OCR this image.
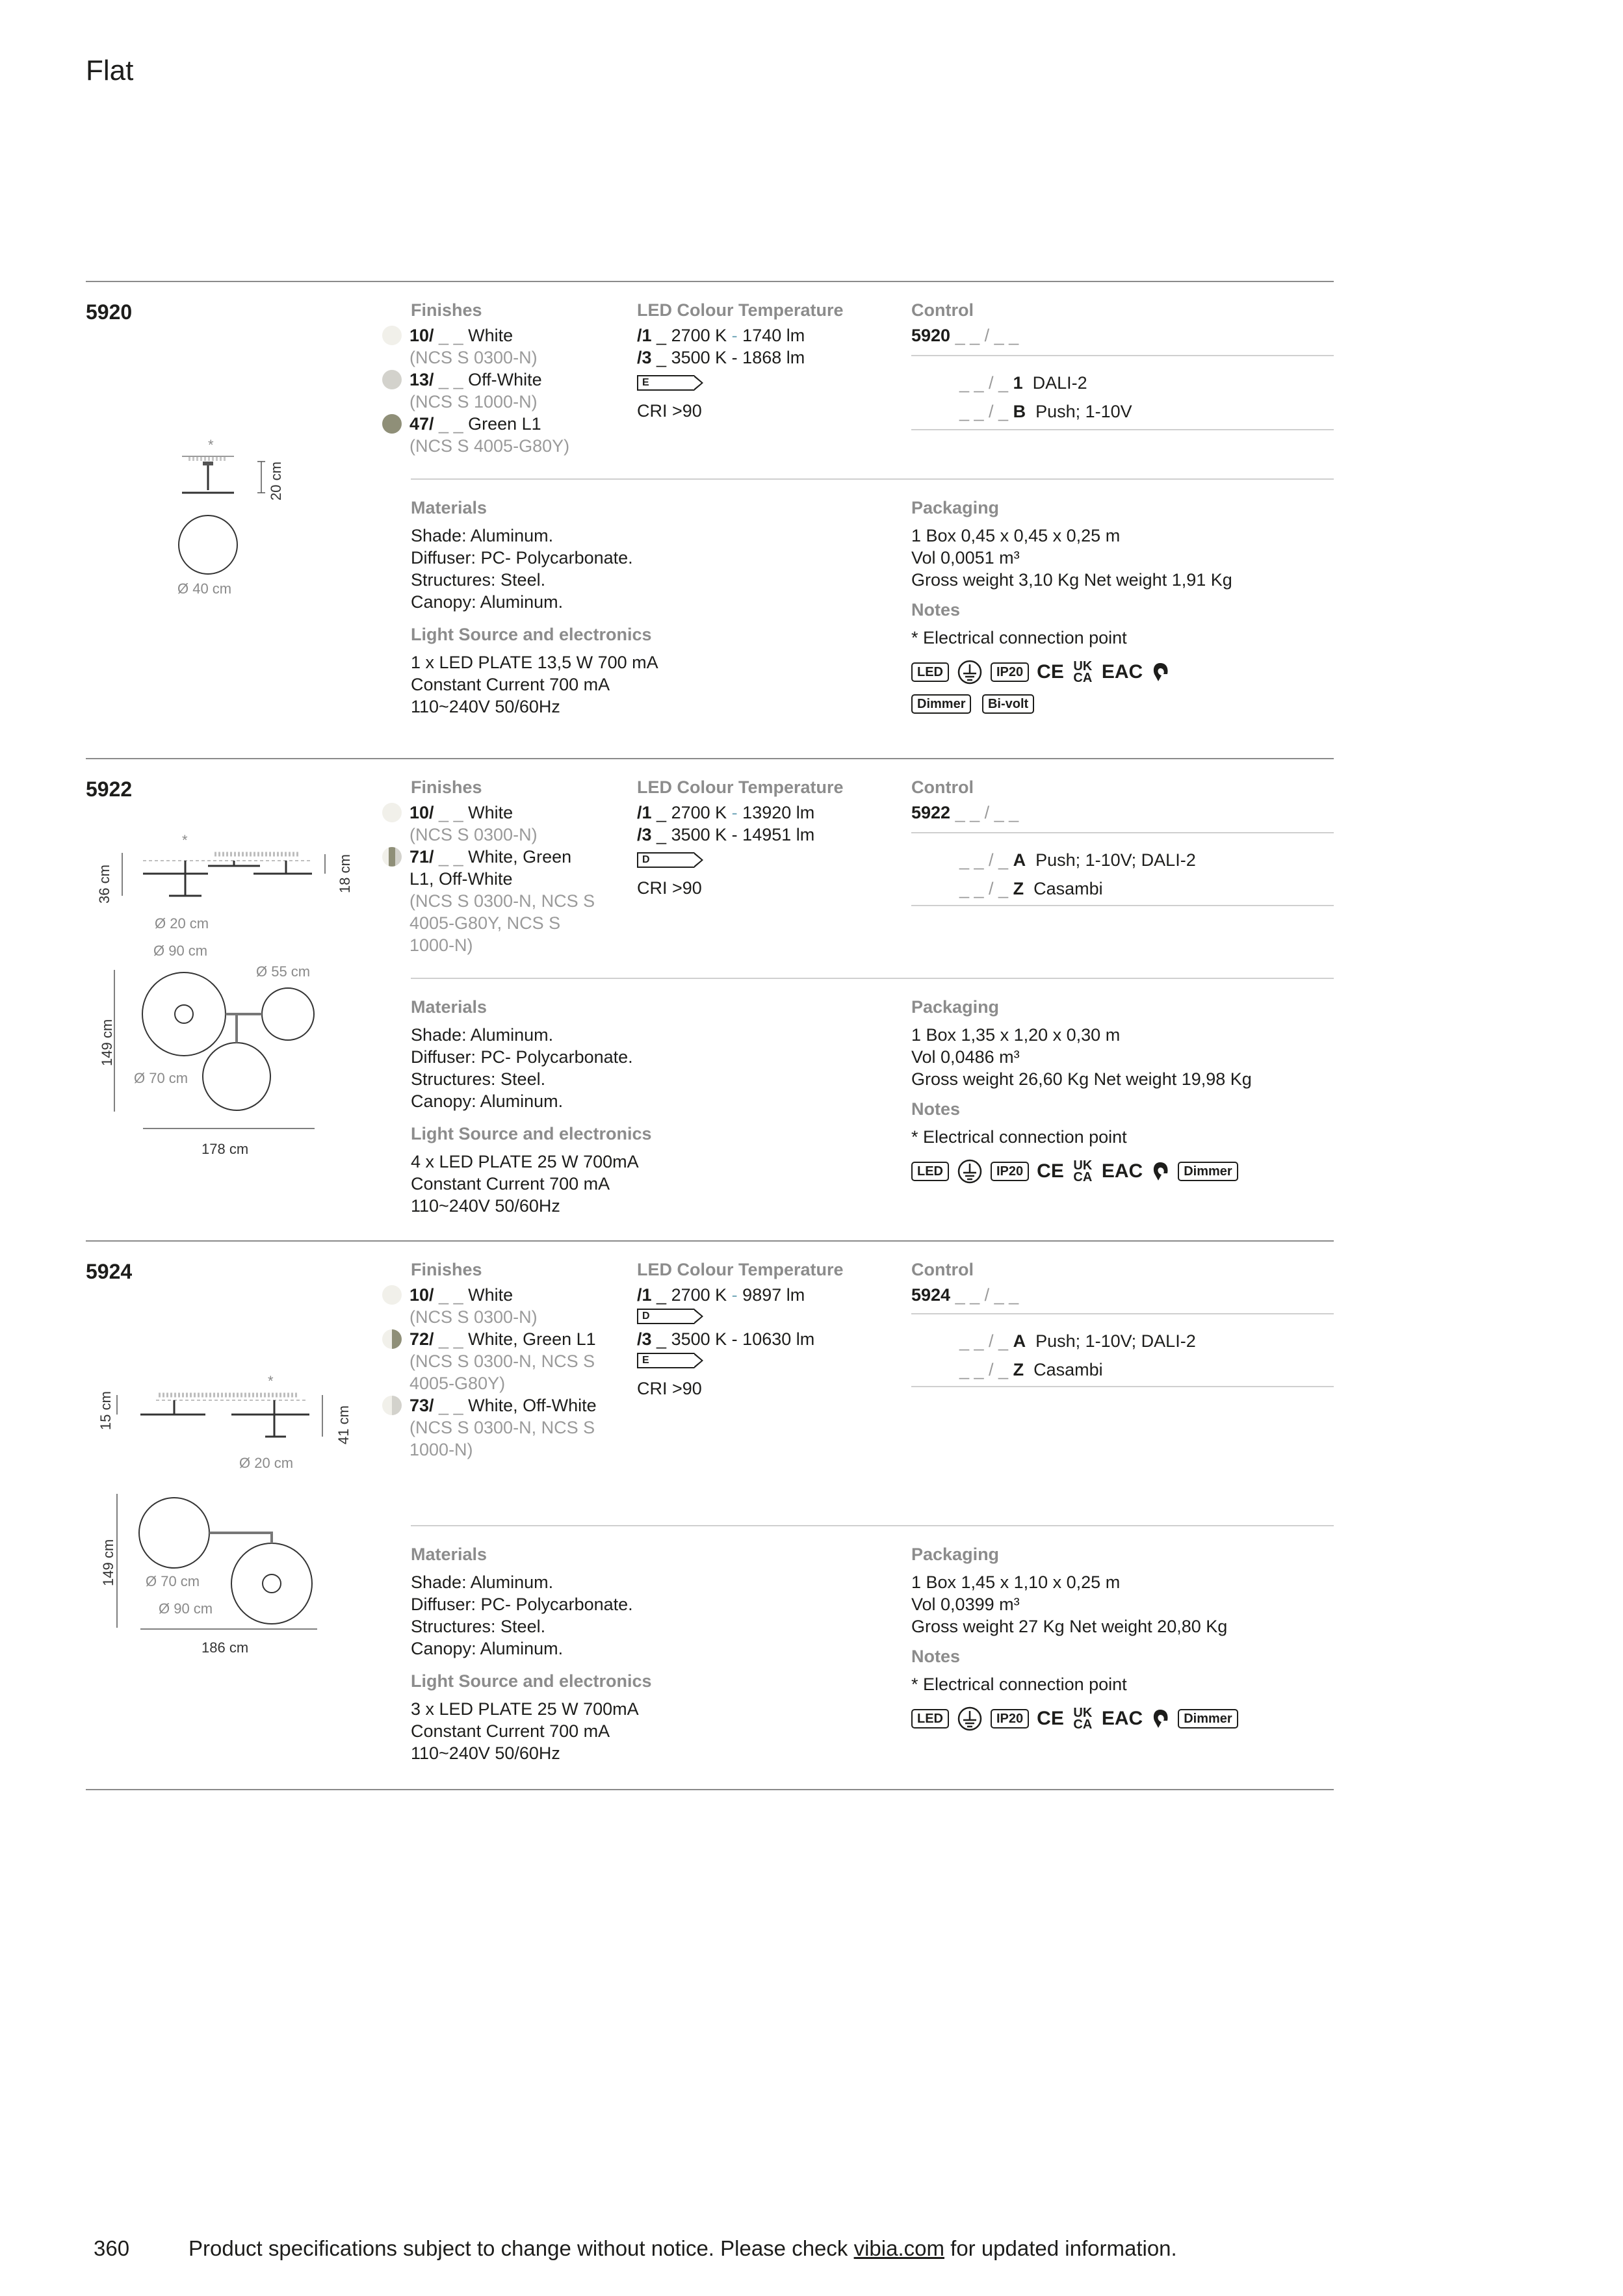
Flat
5920
*
20 cm
Ø 40 cm
Finishes
10/ _ _ White
(NCS S 0300-N)
13/ _ _ Off-White
(NCS S 1000-N)
47/ _ _ Green L1
(NCS S 4005-G80Y)
LED Colour Temperature
/1 _ 2700 K - 1740 lm
/3 _ 3500 K - 1868 lm
E
CRI >90
Control
5920 _ _ / _ _
_ _ / _ 1 DALI-2
_ _ / _ B Push; 1-10V
Materials
Shade: Aluminum.
Diffuser: PC- Polycarbonate.
Structures: Steel.
Canopy: Aluminum.
Light Source and electronics
1 x LED PLATE 13,5 W 700 mA
Constant Current 700 mA
110~240V 50/60Hz
Packaging
1 Box 0,45 x 0,45 x 0,25 m
Vol 0,0051 m³
Gross weight 3,10 Kg Net weight 1,91 Kg
Notes
* Electrical connection point
LED	IP20 CE UK CA EAC
Dimmer Bi-volt
5922
*
36 cm	18 cm
Ø 20 cm
Ø 90 cm
Ø 55 cm
Ø 70 cm
149 cm
178 cm
Finishes
10/ _ _ White
(NCS S 0300-N)
71/ _ _ White, Green L1, Off-White
(NCS S 0300-N, NCS S 4005-G80Y, NCS S 1000-N)
LED Colour Temperature
/1 _ 2700 K - 13920 lm
/3 _ 3500 K - 14951 lm
D
CRI >90
Control
5922 _ _ / _ _
_ _ / _ A Push; 1-10V; DALI-2
_ _ / _ Z Casambi
Materials
Shade: Aluminum.
Diffuser: PC- Polycarbonate.
Structures: Steel.
Canopy: Aluminum.
Light Source and electronics
4 x LED PLATE 25 W 700mA
Constant Current 700 mA
110~240V 50/60Hz
Packaging
1 Box 1,35 x 1,20 x 0,30 m
Vol 0,0486 m³
Gross weight 26,60 Kg Net weight 19,98 Kg
Notes
* Electrical connection point
LED	IP20 CE UK CA EAC	Dimmer
5924
*
15 cm	41 cm
Ø 20 cm
Ø 70 cm
Ø 90 cm
149 cm
186 cm
Finishes
10/ _ _ White
(NCS S 0300-N)
72/ _ _ White, Green L1
(NCS S 0300-N, NCS S 4005-G80Y)
73/ _ _ White, Off-White
(NCS S 0300-N, NCS S 1000-N)
LED Colour Temperature
/1 _ 2700 K - 9897 lm
D
/3 _ 3500 K - 10630 lm
E
CRI >90
Control
5924 _ _ / _ _
_ _ / _ A Push; 1-10V; DALI-2
_ _ / _ Z Casambi
Materials
Shade: Aluminum.
Diffuser: PC- Polycarbonate.
Structures: Steel.
Canopy: Aluminum.
Light Source and electronics
3 x LED PLATE 25 W 700mA
Constant Current 700 mA
110~240V 50/60Hz
Packaging
1 Box 1,45 x 1,10 x 0,25 m
Vol 0,0399 m³
Gross weight 27 Kg Net weight 20,80 Kg
Notes
* Electrical connection point
LED	IP20 CE UK CA EAC	Dimmer
360	Product specifications subject to change without notice. Please check vibia.com for updated information.
